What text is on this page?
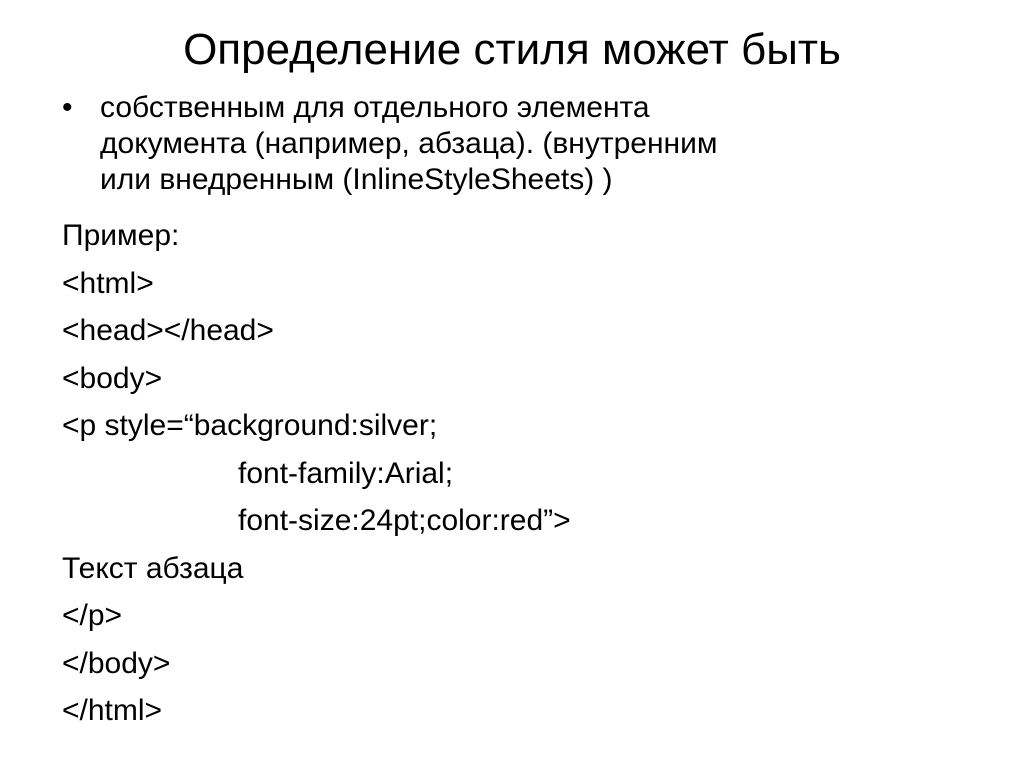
Определение стиля может быть
• собственным для отдельного элемента
документа (например, абзаца). (внутренним
или внедренным (InlineStyleSheets) )
Пример:
<html>
<head></head>
<body>
<p style=“background:silver;
font-family:Arial;
font-size:24pt;color:red”>
Текст абзаца
</p>
</body>
</html>
